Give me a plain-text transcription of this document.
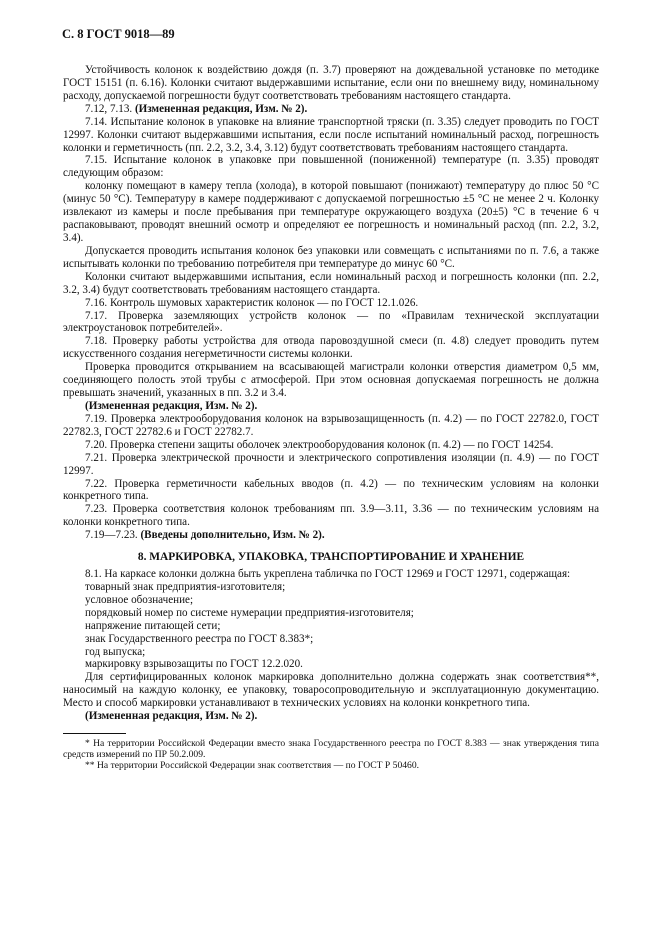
С. 8 ГОСТ 9018—89

Устойчивость колонок к воздействию дождя (п. 3.7) проверяют на дождевальной установке по методике ГОСТ 15151 (п. 6.16). Колонки считают выдержавшими испытание, если они по внешнему виду, номинальному расходу, допускаемой погрешности будут соответствовать требованиям настоящего стандарта.

7.12, 7.13. (Измененная редакция, Изм. № 2).

7.14. Испытание колонок в упаковке на влияние транспортной тряски (п. 3.35) следует проводить по ГОСТ 12997. Колонки считают выдержавшими испытания, если после испытаний номинальный расход, погрешность колонки и герметичность (пп. 2.2, 3.2, 3.4, 3.12) будут соответствовать требованиям настоящего стандарта.

7.15. Испытание колонок в упаковке при повышенной (пониженной) температуре (п. 3.35) проводят следующим образом:

колонку помещают в камеру тепла (холода), в которой повышают (понижают) температуру до плюс 50 °С (минус 50 °С). Температуру в камере поддерживают с допускаемой погрешностью ±5 °С не менее 2 ч. Колонку извлекают из камеры и после пребывания при температуре окружающего воздуха (20±5) °С в течение 6 ч распаковывают, проводят внешний осмотр и определяют ее погрешность и номинальный расход (пп. 2.2, 3.2, 3.4).

Допускается проводить испытания колонок без упаковки или совмещать с испытаниями по п. 7.6, а также испытывать колонки по требованию потребителя при температуре до минус 60 °С.

Колонки считают выдержавшими испытания, если номинальный расход и погрешность колонки (пп. 2.2, 3.2, 3.4) будут соответствовать требованиям настоящего стандарта.

7.16. Контроль шумовых характеристик колонок — по ГОСТ 12.1.026.

7.17. Проверка заземляющих устройств колонок — по «Правилам технической эксплуатации электроустановок потребителей».

7.18. Проверку работы устройства для отвода паровоздушной смеси (п. 4.8) следует проводить путем искусственного создания негерметичности системы колонки.

Проверка проводится открыванием на всасывающей магистрали колонки отверстия диаметром 0,5 мм, соединяющего полость этой трубы с атмосферой. При этом основная допускаемая погрешность не должна превышать значений, указанных в пп. 3.2 и 3.4.

(Измененная редакция, Изм. № 2).

7.19. Проверка электрооборудования колонок на взрывозащищенность (п. 4.2) — по ГОСТ 22782.0, ГОСТ 22782.3, ГОСТ 22782.6 и ГОСТ 22782.7.

7.20. Проверка степени защиты оболочек электрооборудования колонок (п. 4.2) — по ГОСТ 14254.

7.21. Проверка электрической прочности и электрического сопротивления изоляции (п. 4.9) — по ГОСТ 12997.

7.22. Проверка герметичности кабельных вводов (п. 4.2) — по техническим условиям на колонки конкретного типа.

7.23. Проверка соответствия колонок требованиям пп. 3.9—3.11, 3.36 — по техническим условиям на колонки конкретного типа.

7.19—7.23. (Введены дополнительно, Изм. № 2).

8. МАРКИРОВКА, УПАКОВКА, ТРАНСПОРТИРОВАНИЕ И ХРАНЕНИЕ

8.1. На каркасе колонки должна быть укреплена табличка по ГОСТ 12969 и ГОСТ 12971, содержащая:

товарный знак предприятия-изготовителя;

условное обозначение;

порядковый номер по системе нумерации предприятия-изготовителя;

напряжение питающей сети;

знак Государственного реестра по ГОСТ 8.383*;

год выпуска;

маркировку взрывозащиты по ГОСТ 12.2.020.

Для сертифицированных колонок маркировка дополнительно должна содержать знак соответствия**, наносимый на каждую колонку, ее упаковку, товаросопроводительную и эксплуатационную документацию. Место и способ маркировки устанавливают в технических условиях на колонки конкретного типа.

(Измененная редакция, Изм. № 2).

* На территории Российской Федерации вместо знака Государственного реестра по ГОСТ 8.383 — знак утверждения типа средств измерений по ПР 50.2.009.

** На территории Российской Федерации знак соответствия — по ГОСТ Р 50460.
